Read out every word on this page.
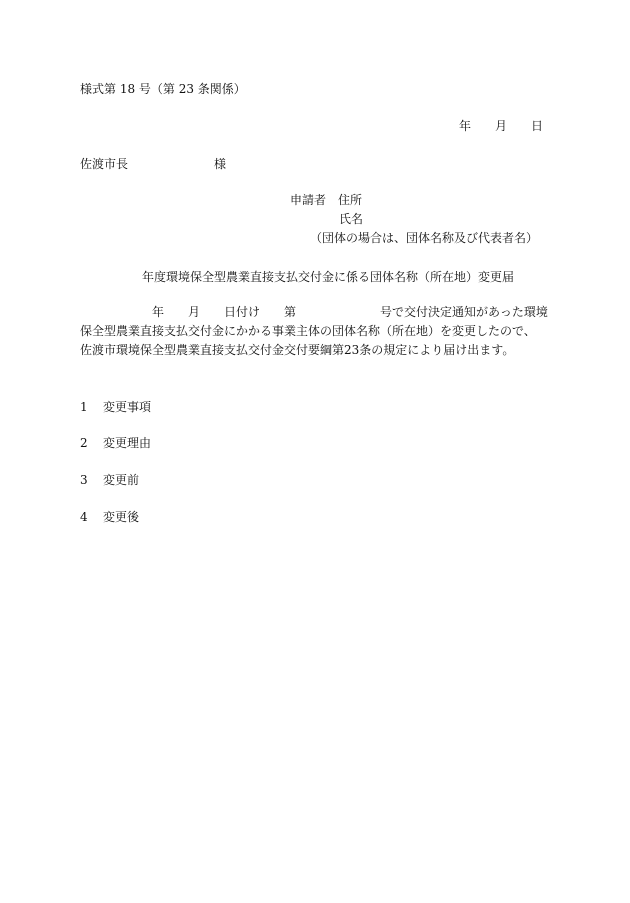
様式第 18 号（第 23 条関係）

年　　月　　日

佐渡市長	様

申請者　住所

氏名

（団体の場合は、団体名称及び代表者名）

年度環境保全型農業直接支払交付金に係る団体名称（所在地）変更届

　　　　　　年　　月　　日付け　　第　　　　　　　号で交付決定通知があった環境

保全型農業直接支払交付金にかかる事業主体の団体名称（所在地）を変更したので、

佐渡市環境保全型農業直接支払交付金交付要綱第23条の規定により届け出ます。

1 変更事項

2 変更理由

3 変更前

4 変更後
